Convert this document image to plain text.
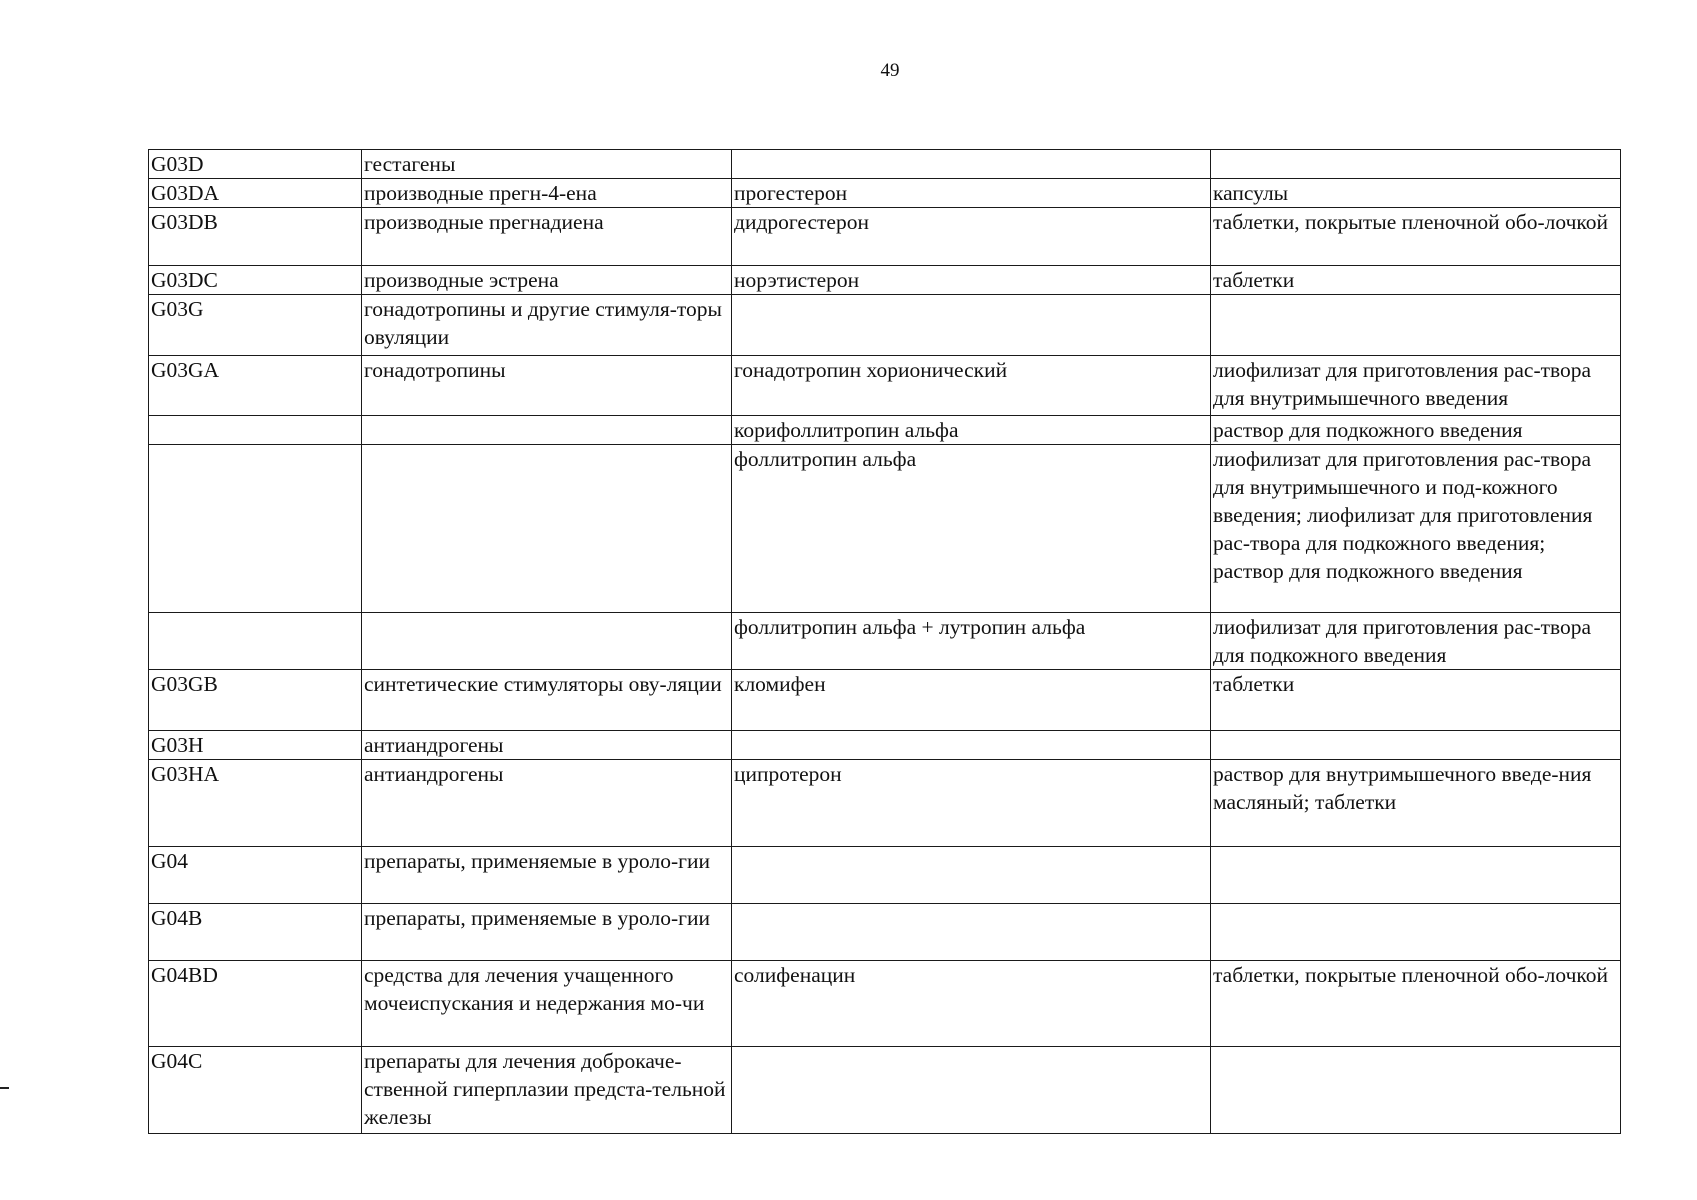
49
G03D	гестагены		
G03DA	производные прегн-4-ена	прогестерон	капсулы
G03DB	производные прегнадиена	дидрогестерон	таблетки, покрытые пленочной обо-лочкой
G03DC	производные эстрена	норэтистерон	таблетки
G03G	гонадотропины и другие стимуля-торы овуляции		
G03GA	гонадотропины	гонадотропин хорионический	лиофилизат для приготовления рас-твора для внутримышечного введения
		корифоллитропин альфа	раствор для подкожного введения
		фоллитропин альфа	лиофилизат для приготовления рас-твора для внутримышечного и под-кожного введения; лиофилизат для приготовления рас-твора для подкожного введения; раствор для подкожного введения
		фоллитропин альфа + лутропин альфа	лиофилизат для приготовления рас-твора для подкожного введения
G03GB	синтетические стимуляторы ову-ляции	кломифен	таблетки
G03H	антиандрогены		
G03HA	антиандрогены	ципротерон	раствор для внутримышечного введе-ния масляный; таблетки
G04	препараты, применяемые в уроло-гии		
G04B	препараты, применяемые в уроло-гии		
G04BD	средства для лечения учащенного мочеиспускания и недержания мо-чи	солифенацин	таблетки, покрытые пленочной обо-лочкой
G04C	препараты для лечения доброкаче-ственной гиперплазии предста-тельной железы		
